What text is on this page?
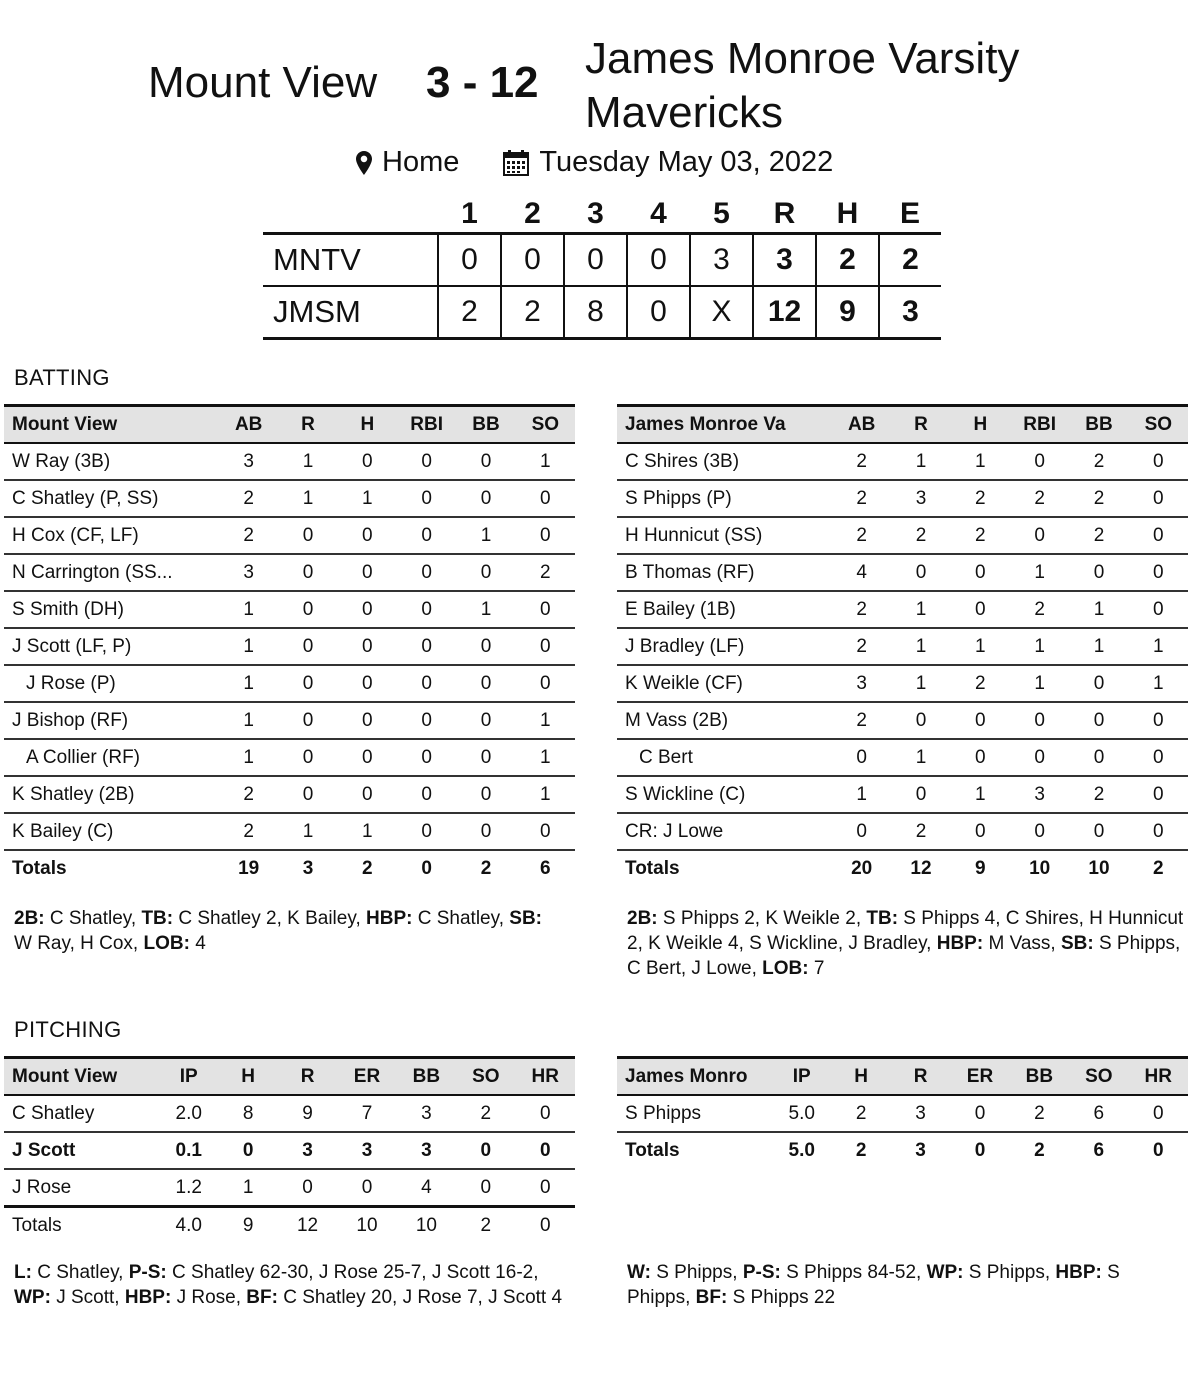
Mount View 3 - 12 James Monroe Varsity Mavericks
Home	Tuesday May 03, 2022
	1	2	3	4	5	R	H	E
MNTV	0	0	0	0	3	3	2	2
JMSM	2	2	8	0	X	12	9	3
BATTING
Mount View	AB	R	H	RBI	BB	SO
W Ray (3B)	3	1	0	0	0	1
C Shatley (P, SS)	2	1	1	0	0	0
H Cox (CF, LF)	2	0	0	0	1	0
N Carrington (SS...	3	0	0	0	0	2
S Smith (DH)	1	0	0	0	1	0
J Scott (LF, P)	1	0	0	0	0	0
J Rose (P)	1	0	0	0	0	0
J Bishop (RF)	1	0	0	0	0	1
A Collier (RF)	1	0	0	0	0	1
K Shatley (2B)	2	0	0	0	0	1
K Bailey (C)	2	1	1	0	0	0
Totals	19	3	2	0	2	6
James Monroe Va	AB	R	H	RBI	BB	SO
C Shires (3B)	2	1	1	0	2	0
S Phipps (P)	2	3	2	2	2	0
H Hunnicut (SS)	2	2	2	0	2	0
B Thomas (RF)	4	0	0	1	0	0
E Bailey (1B)	2	1	0	2	1	0
J Bradley (LF)	2	1	1	1	1	1
K Weikle (CF)	3	1	2	1	0	1
M Vass (2B)	2	0	0	0	0	0
C Bert	0	1	0	0	0	0
S Wickline (C)	1	0	1	3	2	0
CR: J Lowe	0	2	0	0	0	0
Totals	20	12	9	10	10	2
2B: C Shatley, TB: C Shatley 2, K Bailey, HBP: C Shatley, SB: W Ray, H Cox, LOB: 4
2B: S Phipps 2, K Weikle 2, TB: S Phipps 4, C Shires, H Hunnicut 2, K Weikle 4, S Wickline, J Bradley, HBP: M Vass, SB: S Phipps, C Bert, J Lowe, LOB: 7
PITCHING
Mount View	IP	H	R	ER	BB	SO	HR
C Shatley	2.0	8	9	7	3	2	0
J Scott	0.1	0	3	3	3	0	0
J Rose	1.2	1	0	0	4	0	0
Totals	4.0	9	12	10	10	2	0
James Monro	IP	H	R	ER	BB	SO	HR
S Phipps	5.0	2	3	0	2	6	0
Totals	5.0	2	3	0	2	6	0
L: C Shatley, P-S: C Shatley 62-30, J Rose 25-7, J Scott 16-2, WP: J Scott, HBP: J Rose, BF: C Shatley 20, J Rose 7, J Scott 4
W: S Phipps, P-S: S Phipps 84-52, WP: S Phipps, HBP: S Phipps, BF: S Phipps 22
